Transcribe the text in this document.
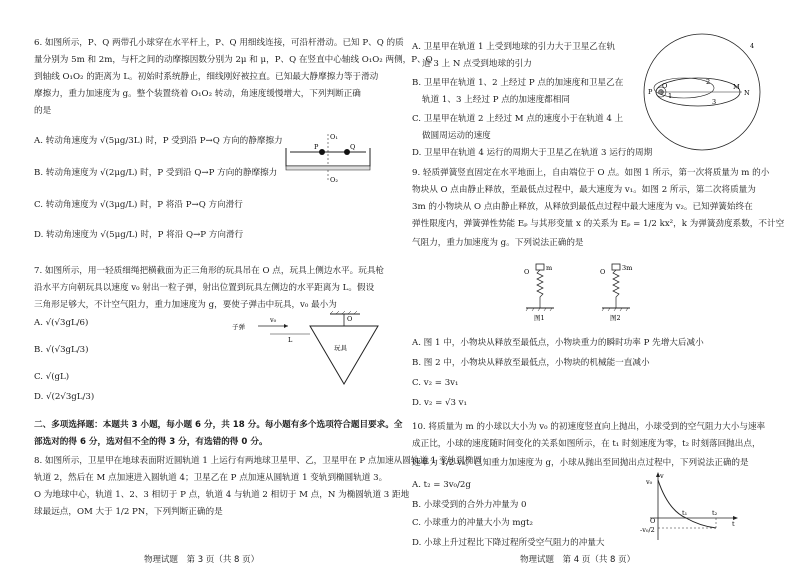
6. 如图所示，P、Q 两带孔小球穿在水平杆上，P、Q 用细线连接，可沿杆滑动。已知 P、Q 的质
量分别为 5m 和 2m，与杆之间的动摩擦因数分别为 2μ 和 μ，P、Q 在竖直中心轴线 O₁O₂ 两侧，P、Q
到轴线 O₁O₂ 的距离为 L。初始时系统静止，细线刚好被拉直。已知最大静摩擦力等于滑动
摩擦力，重力加速度为 g。整个装置绕着 O₁O₂ 转动，角速度缓慢增大，下列判断正确
的是
A. 转动角速度为 √(5μg/3L) 时，P 受到沿 P→Q 方向的静摩擦力
B. 转动角速度为 √(2μg/L) 时，P 受到沿 Q→P 方向的静摩擦力
C. 转动角速度为 √(3μg/L) 时，P 将沿 P→Q 方向滑行
D. 转动角速度为 √(5μg/L) 时，P 将沿 Q→P 方向滑行
O₁
O₂
P	Q
7. 如图所示，用一轻质细绳把横截面为正三角形的玩具吊在 O 点，玩具上侧边水平。玩具枪
沿水平方向朝玩具以速度 v₀ 射出一粒子弹，射出位置到玩具左侧边的水平距离为 L。假设
三角形足够大，不计空气阻力，重力加速度为 g，要使子弹击中玩具，v₀ 最小为
A. √(√3gL/6)
B. √(√3gL/3)
C. √(gL)
D. √(2√3gL/3)
子弹
v₀
L
O
玩具
二、多项选择题：本题共 3 小题，每小题 6 分，共 18 分。每小题有多个选项符合题目要求。全
部选对的得 6 分，选对但不全的得 3 分，有选错的得 0 分。
8. 如图所示，卫星甲在地球表面附近圆轨道 1 上运行有两地球卫星甲、乙，卫星甲在 P 点加速从圆轨道 1 变轨到椭圆
轨道 2，然后在 M 点加速进入圆轨道 4；卫星乙在 P 点加速从圆轨道 1 变轨到椭圆轨道 3。
O 为地球中心，轨道 1、2、3 相切于 P 点，轨道 4 与轨道 2 相切于 M 点，N 为椭圆轨道 3 距地
球最远点，OM 大于 1/2 PN，下列判断正确的是
物理试题　第 3 页（共 8 页）
A. 卫星甲在轨道 1 上受到地球的引力大于卫星乙在轨
道 3 上 N 点受到地球的引力
B. 卫星甲在轨道 1、2 上经过 P 点的加速度和卫星乙在
轨道 1、3 上经过 P 点的加速度都相同
C. 卫星甲在轨道 2 上经过 M 点的速度小于在轨道 4 上
做圆周运动的速度
D. 卫星甲在轨道 4 运行的周期大于卫星乙在轨道 3 运行的周期
P
O	M
N
1
2
3
4
9. 轻质弹簧竖直固定在水平地面上，自由端位于 O 点。如图 1 所示，第一次将质量为 m 的小
物块从 O 点由静止释放，至最低点过程中，最大速度为 v₁。如图 2 所示，第二次将质量为
3m 的小物块从 O 点由静止释放，从释放到最低点过程中最大速度为 v₂。已知弹簧始终在
弹性限度内，弹簧弹性势能 Eₚ 与其形变量 x 的关系为 Eₚ = 1/2 kx²，k 为弹簧劲度系数，不计空
气阻力，重力加速度为 g。下列说法正确的是
m
O
图1
3m
O
图2
A. 图 1 中，小物块从释放至最低点，小物块重力的瞬时功率 P 先增大后减小
B. 图 2 中，小物块从释放至最低点，小物块的机械能一直减小
C. v₂ = 3v₁
D. v₂ = √3 v₁
10. 将质量为 m 的小球以大小为 v₀ 的初速度竖直向上抛出，小球受到的空气阻力大小与速率
成正比，小球的速度随时间变化的关系如图所示，在 t₁ 时刻速度为零，t₂ 时刻落回抛出点，
速率为 1/2 v₀。已知重力加速度为 g，小球从抛出至回抛出点过程中，下列说法正确的是
A. t₂ = 3v₀/2g
B. 小球受到的合外力冲量为 0
C. 小球重力的冲量大小为 mgt₂
D. 小球上升过程比下降过程所受空气阻力的冲量大
v
v₀
-v₀/2
t
t₁	t₂
O
物理试题　第 4 页（共 8 页）
